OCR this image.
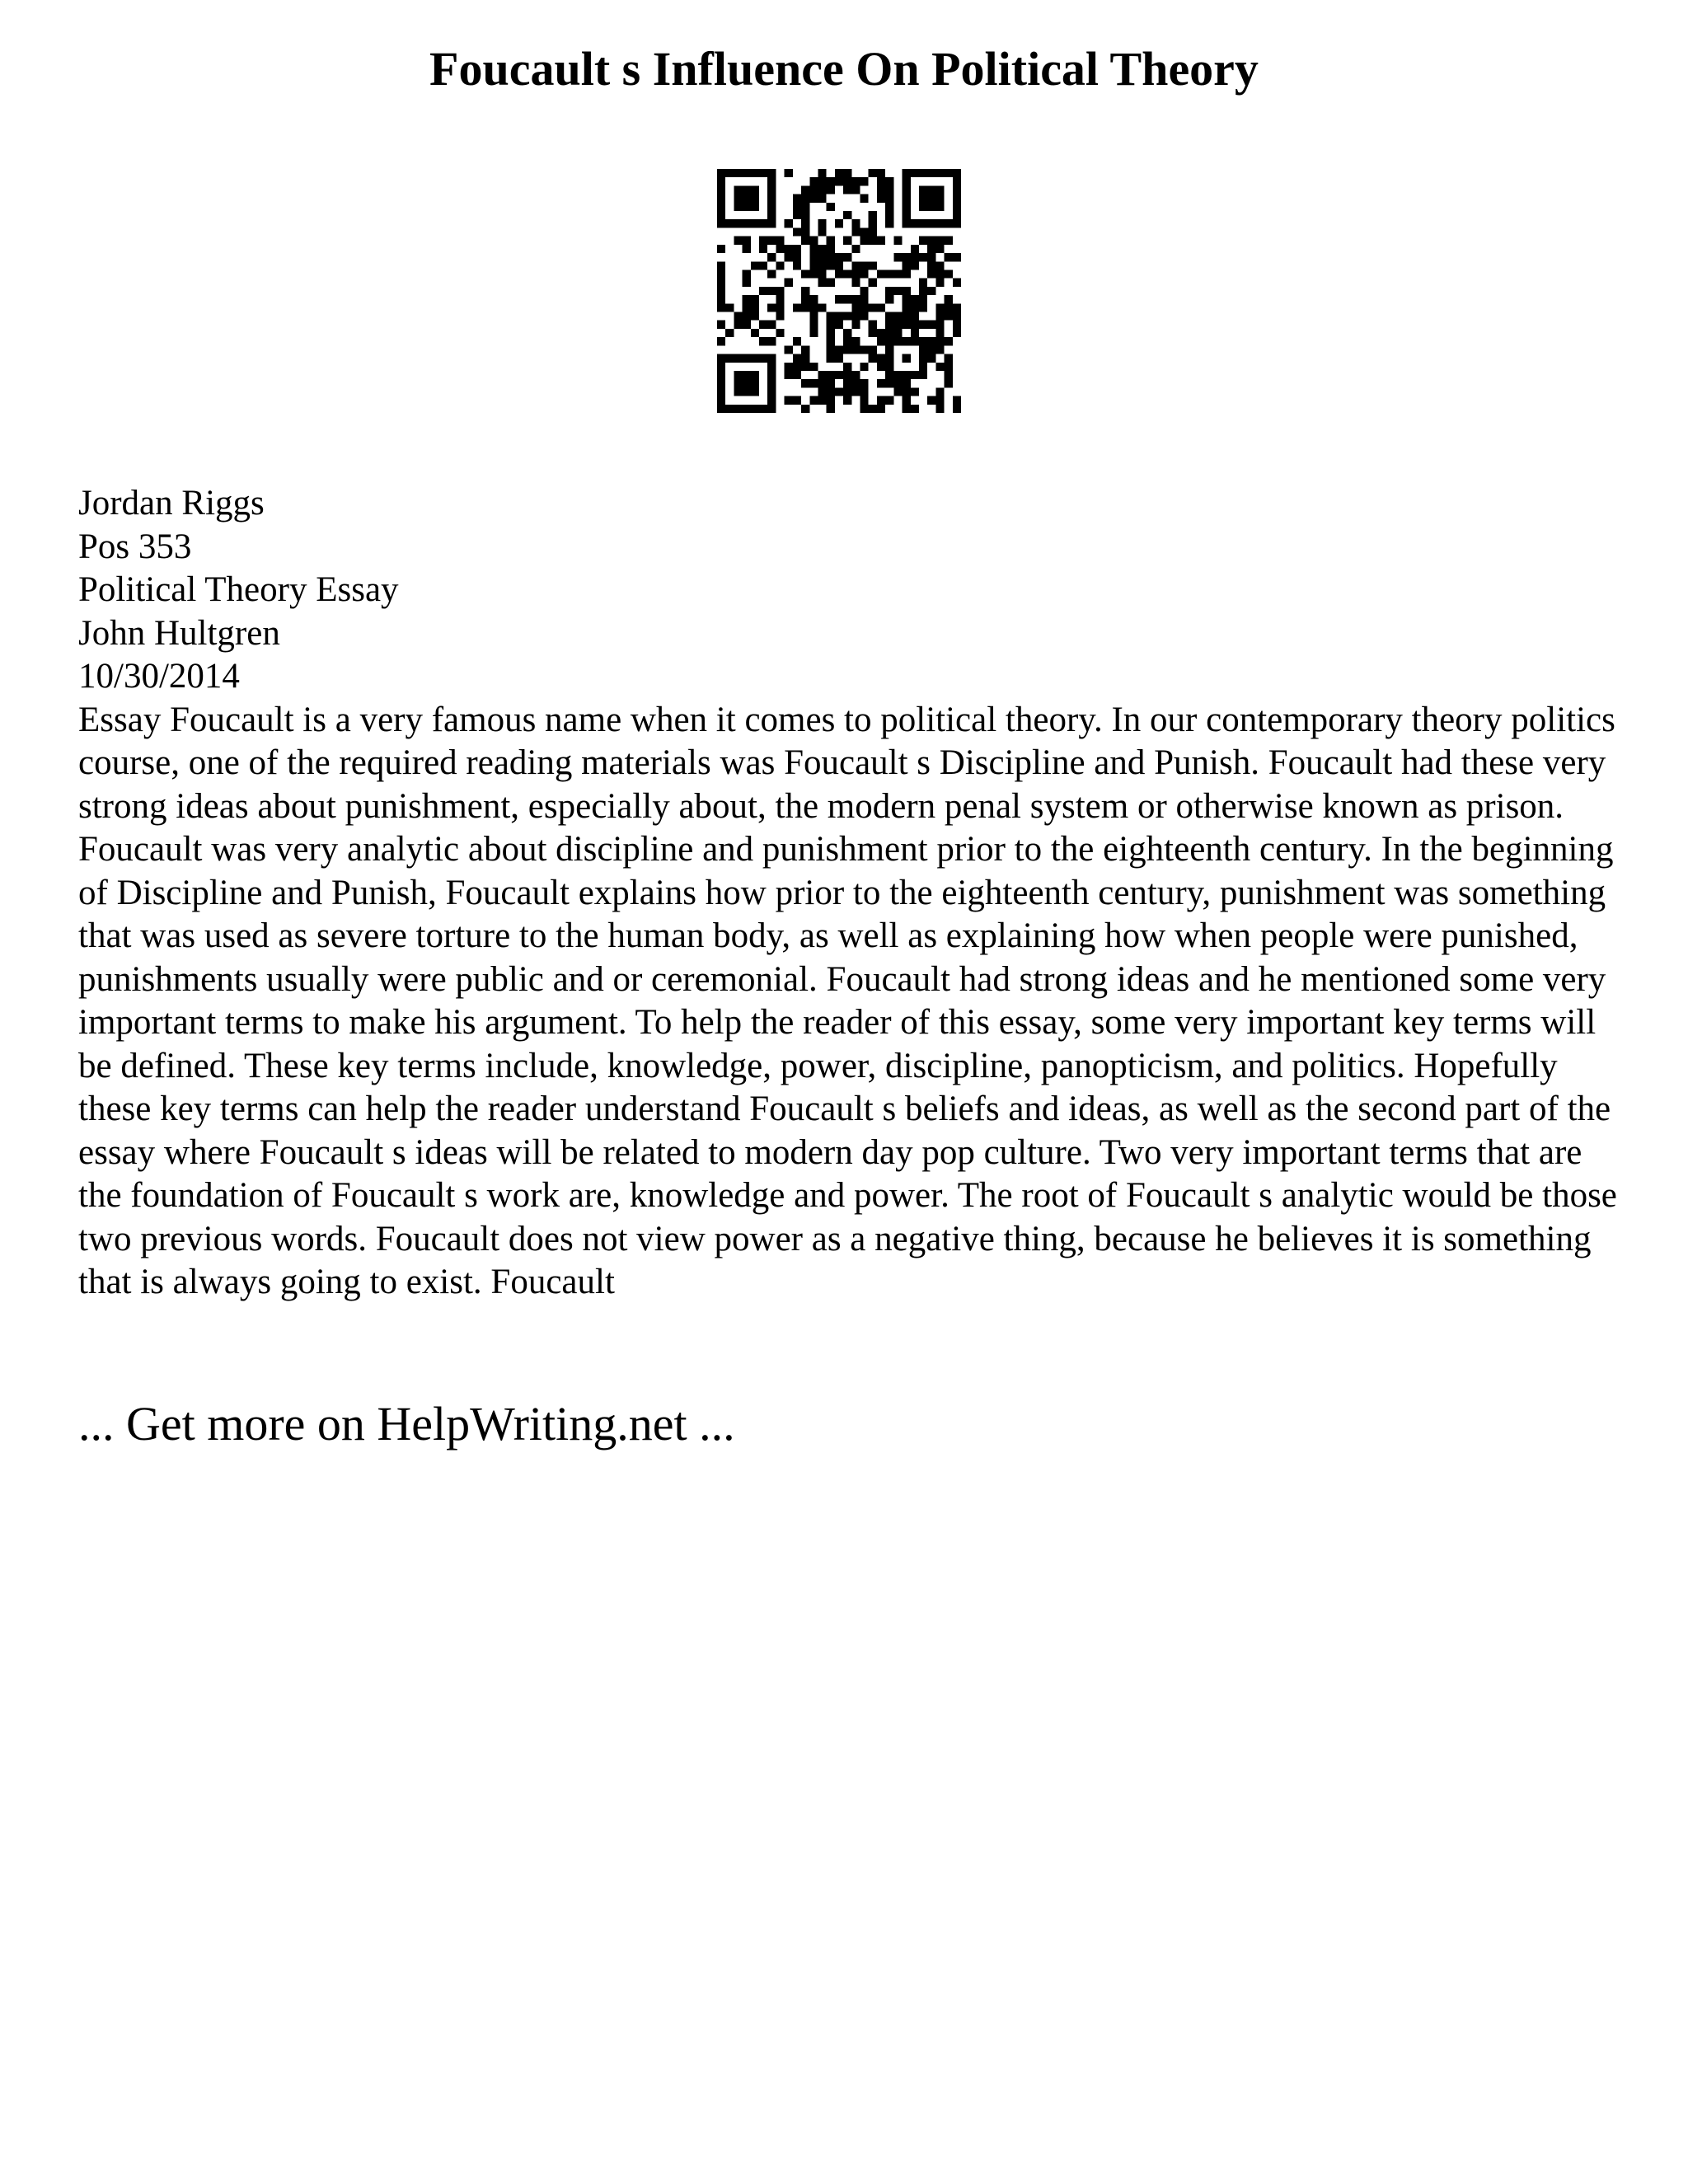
Foucault s Influence On Political Theory
Jordan Riggs
Pos 353
Political Theory Essay
John Hultgren
10/30/2014

Essay Foucault is a very famous name when it comes to political theory. In our contemporary theory politics course, one of the required reading materials was Foucault s Discipline and Punish. Foucault had these very strong ideas about punishment, especially about, the modern penal system or otherwise known as prison. Foucault was very analytic about discipline and punishment prior to the eighteenth century. In the beginning of Discipline and Punish, Foucault explains how prior to the eighteenth century, punishment was something that was used as severe torture to the human body, as well as explaining how when people were punished, punishments usually were public and or ceremonial. Foucault had strong ideas and he mentioned some very important terms to make his argument. To help the reader of this essay, some very important key terms will be defined. These key terms include, knowledge, power, discipline, panopticism, and politics. Hopefully these key terms can help the reader understand Foucault s beliefs and ideas, as well as the second part of the essay where Foucault s ideas will be related to modern day pop culture. Two very important terms that are the foundation of Foucault s work are, knowledge and power. The root of Foucault s analytic would be those two previous words. Foucault does not view power as a negative thing, because he believes it is something that is always going to exist. Foucault

... Get more on HelpWriting.net ...
